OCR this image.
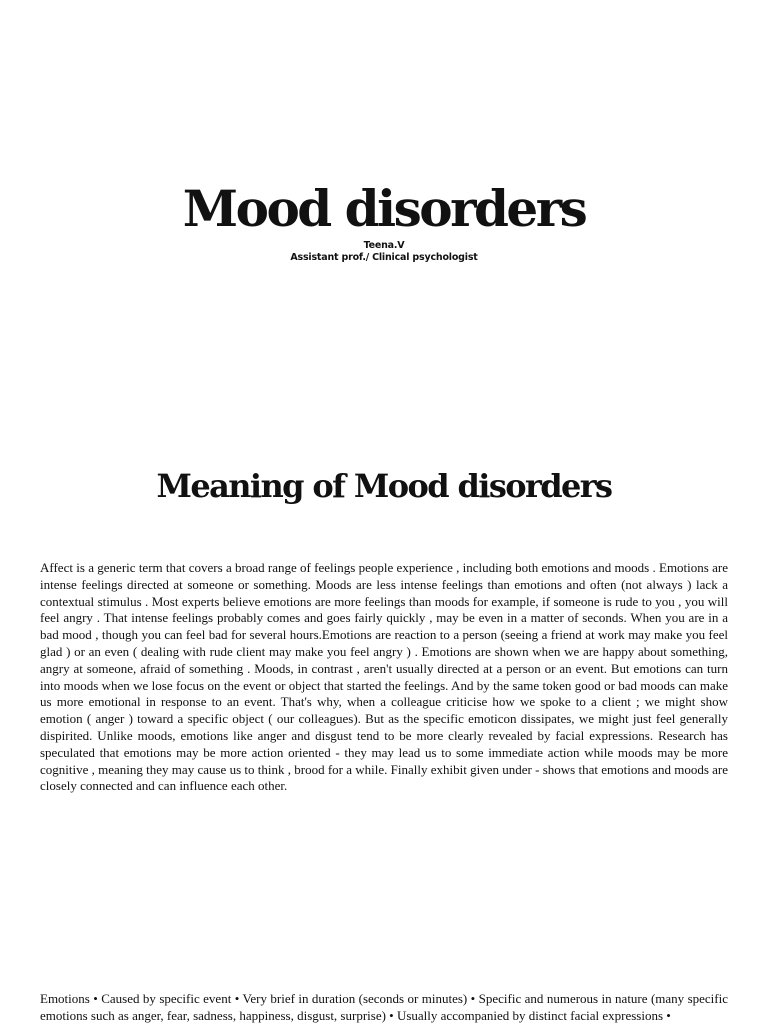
Mood disorders
Teena.V
Assistant prof./ Clinical psychologist
Meaning of Mood disorders

Affect is a generic term that covers a broad range of feelings people experience , including both emotions and moods . Emotions are intense feelings directed at someone or something. Moods are less intense feelings than emotions and often (not always ) lack a contextual stimulus . Most experts believe emotions are more feelings than moods for example, if someone is rude to you , you will feel angry . That intense feelings probably comes and goes fairly quickly , may be even in a matter of seconds. When you are in a bad mood , though you can feel bad for several hours.Emotions are reaction to a person (seeing a friend at work may make you feel glad ) or an even ( dealing with rude client may make you feel angry ) . Emotions are shown when we are happy about something, angry at someone, afraid of something . Moods, in contrast , aren't usually directed at a person or an event. But emotions can turn into moods when we lose focus on the event or object that started the feelings. And by the same token good or bad moods can make us more emotional in response to an event. That's why, when a colleague criticise how we spoke to a client ; we might show emotion ( anger ) toward a specific object ( our colleagues). But as the specific emoticon dissipates, we might just feel generally dispirited. Unlike moods, emotions like anger and disgust tend to be more clearly revealed by facial expressions. Research has speculated that emotions may be more action oriented - they may lead us to some immediate action while moods may be more cognitive , meaning they may cause us to think , brood for a while. Finally exhibit given under - shows that emotions and moods are closely connected and can influence each other.

Emotions • Caused by specific event • Very brief in duration (seconds or minutes) • Specific and numerous in nature (many specific emotions such as anger, fear, sadness, happiness, disgust, surprise) • Usually accompanied by distinct facial expressions •
